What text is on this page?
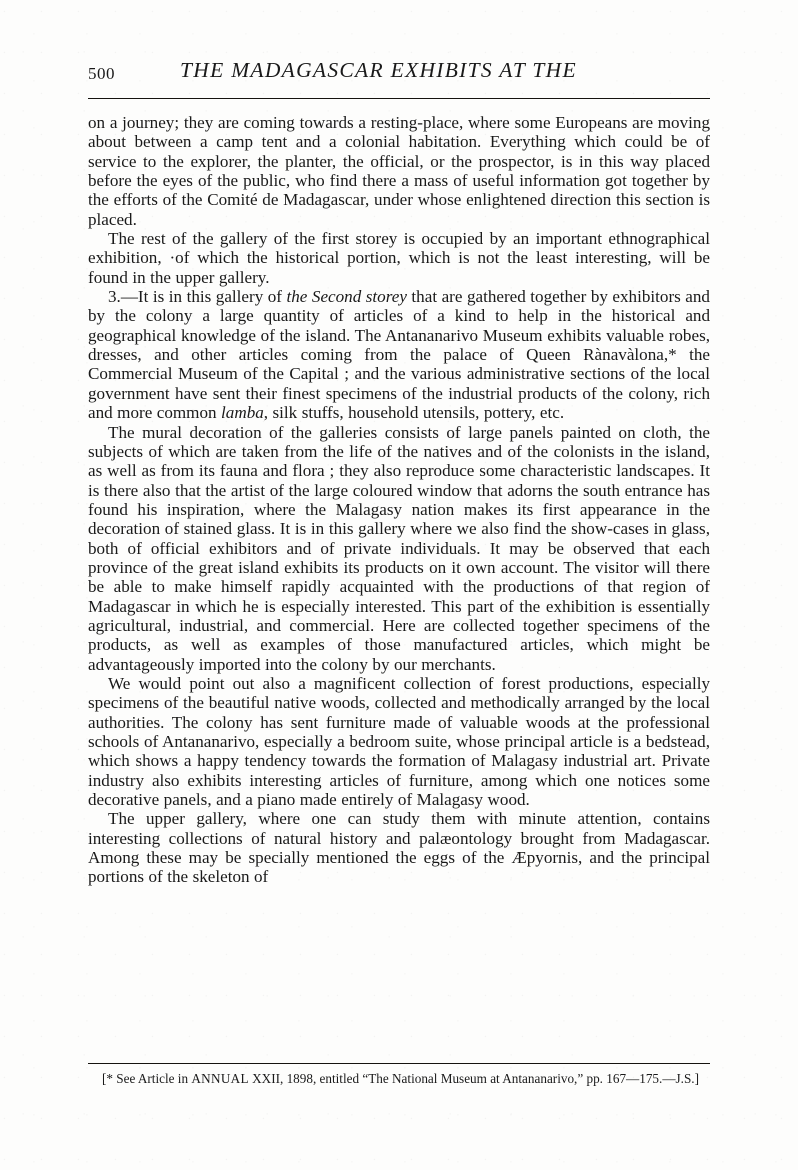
500	THE MADAGASCAR EXHIBITS AT THE

on a journey; they are coming towards a resting-place, where some Europeans are moving about between a camp tent and a colonial habitation. Everything which could be of service to the explorer, the planter, the official, or the prospector, is in this way placed before the eyes of the public, who find there a mass of useful information got together by the efforts of the Comité de Madagascar, under whose enlightened direction this section is placed.

The rest of the gallery of the first storey is occupied by an important ethnographical exhibition, ·of which the historical portion, which is not the least interesting, will be found in the upper gallery.

3.—It is in this gallery of the Second storey that are gathered together by exhibitors and by the colony a large quantity of articles of a kind to help in the historical and geographical knowledge of the island. The Antananarivo Museum exhibits valuable robes, dresses, and other articles coming from the palace of Queen Rànavàlona,* the Commercial Museum of the Capital ; and the various administrative sections of the local government have sent their finest specimens of the industrial products of the colony, rich and more common lamba, silk stuffs, household utensils, pottery, etc.

The mural decoration of the galleries consists of large panels painted on cloth, the subjects of which are taken from the life of the natives and of the colonists in the island, as well as from its fauna and flora ; they also reproduce some characteristic landscapes. It is there also that the artist of the large coloured window that adorns the south entrance has found his inspiration, where the Malagasy nation makes its first appearance in the decoration of stained glass. It is in this gallery where we also find the show-cases in glass, both of official exhibitors and of private individuals. It may be observed that each province of the great island exhibits its products on it own account. The visitor will there be able to make himself rapidly acquainted with the productions of that region of Madagascar in which he is especially interested. This part of the exhibition is essentially agricultural, industrial, and commercial. Here are collected together specimens of the products, as well as examples of those manufactured articles, which might be advantageously imported into the colony by our merchants.

We would point out also a magnificent collection of forest productions, especially specimens of the beautiful native woods, collected and methodically arranged by the local authorities. The colony has sent furniture made of valuable woods at the professional schools of Antananarivo, especially a bedroom suite, whose principal article is a bedstead, which shows a happy tendency towards the formation of Malagasy industrial art. Private industry also exhibits interesting articles of furniture, among which one notices some decorative panels, and a piano made entirely of Malagasy wood.

The upper gallery, where one can study them with minute attention, contains interesting collections of natural history and palæontology brought from Madagascar. Among these may be specially mentioned the eggs of the Æpyornis, and the principal portions of the skeleton of

[* See Article in ANNUAL XXII, 1898, entitled “The National Museum at Antananarivo,” pp. 167—175.—J.S.]
